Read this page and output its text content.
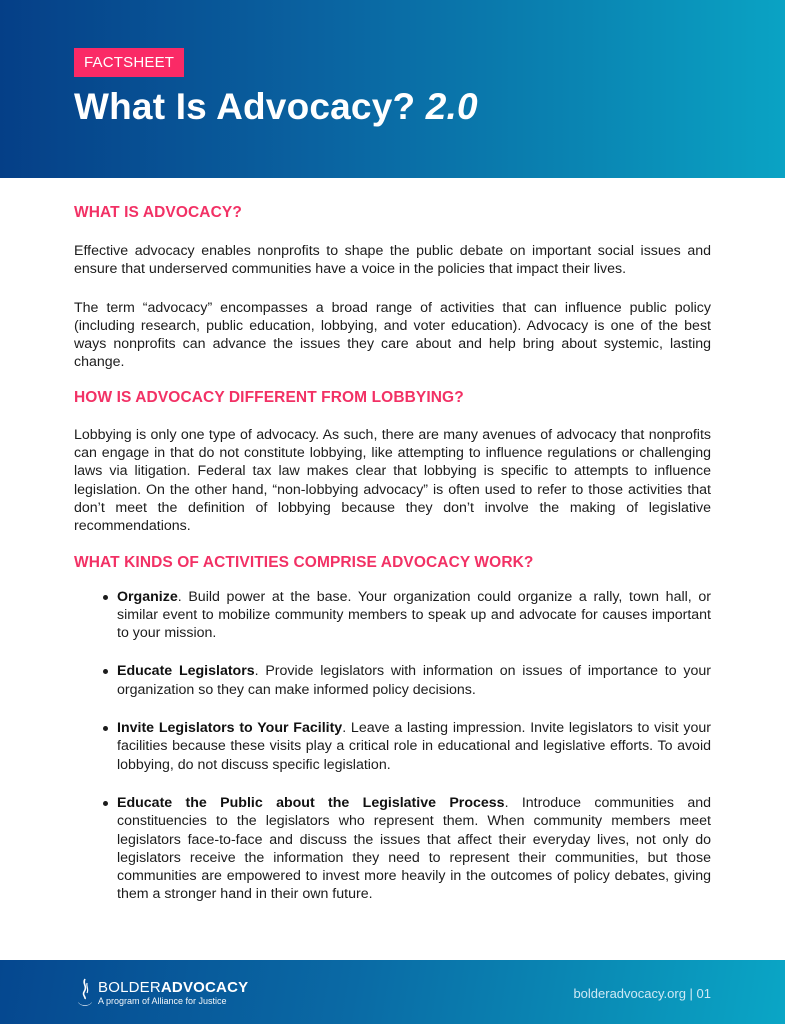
FACTSHEET
What Is Advocacy? 2.0
WHAT IS ADVOCACY?

Effective advocacy enables nonprofits to shape the public debate on important social issues and ensure that underserved communities have a voice in the policies that impact their lives.

The term “advocacy” encompasses a broad range of activities that can influence public policy (including research, public education, lobbying, and voter education). Advocacy is one of the best ways nonprofits can advance the issues they care about and help bring about systemic, lasting change.

HOW IS ADVOCACY DIFFERENT FROM LOBBYING?

Lobbying is only one type of advocacy. As such, there are many avenues of advocacy that nonprofits can engage in that do not constitute lobbying, like attempting to influence regulations or challenging laws via litigation. Federal tax law makes clear that lobbying is specific to attempts to influence legislation. On the other hand, “non-lobbying advocacy” is often used to refer to those activities that don’t meet the definition of lobbying because they don’t involve the making of legislative recommendations.

WHAT KINDS OF ACTIVITIES COMPRISE ADVOCACY WORK?
Organize. Build power at the base. Your organization could organize a rally, town hall, or similar event to mobilize community members to speak up and advocate for causes important to your mission.
Educate Legislators. Provide legislators with information on issues of importance to your organization so they can make informed policy decisions.
Invite Legislators to Your Facility. Leave a lasting impression. Invite legislators to visit your facilities because these visits play a critical role in educational and legislative efforts. To avoid lobbying, do not discuss specific legislation.
Educate the Public about the Legislative Process. Introduce communities and constituencies to the legislators who represent them. When community members meet legislators face-to-face and discuss the issues that affect their everyday lives, not only do legislators receive the information they need to represent their communities, but those communities are empowered to invest more heavily in the outcomes of policy debates, giving them a stronger hand in their own future.
BOLDERADVOCACY
A program of Alliance for Justice	bolderadvocacy.org | 01
